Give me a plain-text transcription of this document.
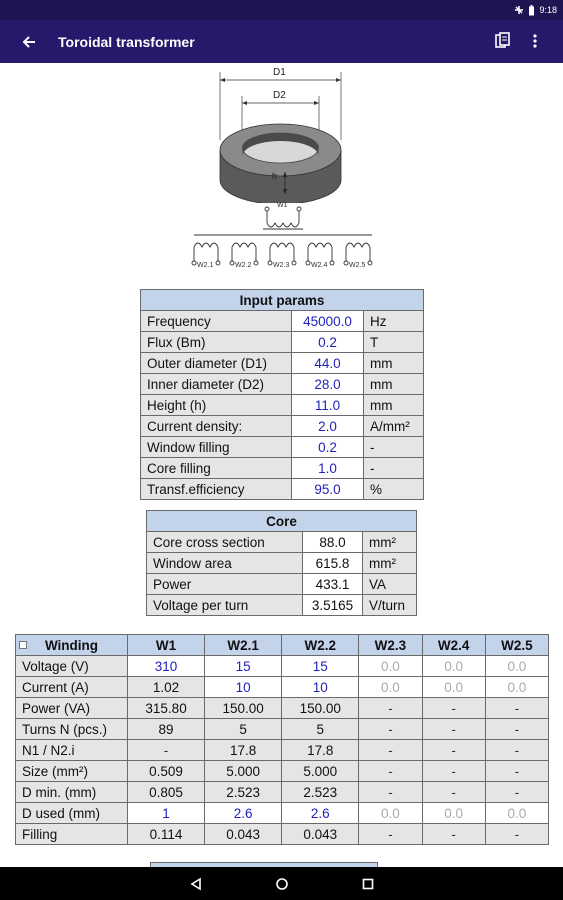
9:18
Toroidal transformer
D1
D2
h
W1
W2.1	W2.2	W2.3	W2.4	W2.5
Input params		
Frequency	45000.0	Hz
Flux (Bm)	0.2	T
Outer diameter (D1)	44.0	mm
Inner diameter (D2)	28.0	mm
Height (h)	11.0	mm
Current density:	2.0	A/mm²
Window filling	0.2	-
Core filling	1.0	-
Transf.efficiency	95.0	%
Core		
Core cross section	88.0	mm²
Window area	615.8	mm²
Power	433.1	VA
Voltage per turn	3.5165	V/turn
Winding	W1	W2.1	W2.2	W2.3	W2.4	W2.5
Voltage (V)	310	15	15	0.0	0.0	0.0
Current (A)	1.02	10	10	0.0	0.0	0.0
Power (VA)	315.80	150.00	150.00	-	-	-
Turns N (pcs.)	89	5	5	-	-	-
N1 / N2.i	-	17.8	17.8	-	-	-
Size (mm²)	0.509	5.000	5.000	-	-	-
D min. (mm)	0.805	2.523	2.523	-	-	-
D used (mm)	1	2.6	2.6	0.0	0.0	0.0
Filling	0.114	0.043	0.043	-	-	-
